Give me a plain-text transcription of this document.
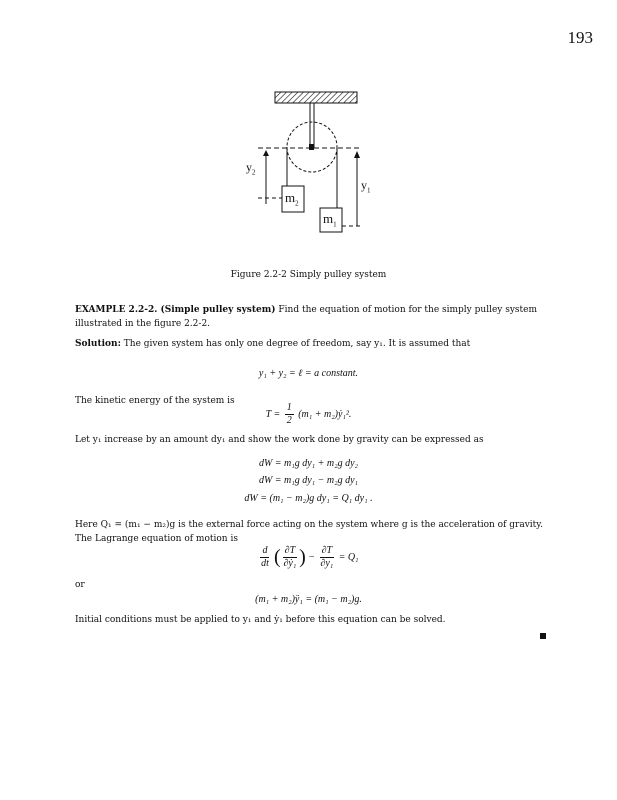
193
$y_2$
$y_1$
$m_2$
$m_1$
Figure 2.2-2 Simply pulley system
EXAMPLE 2.2-2. (Simple pulley system) Find the equation of motion for the simply pulley system illustrated in the figure 2.2-2.
Solution: The given system has only one degree of freedom, say y₁. It is assumed that
y₁ + y₂ = ℓ = a constant.
The kinetic energy of the system is
$T = \frac{1}{2} (m_1$ + m₂)ẏ₁².
Let y₁ increase by an amount dy₁ and show the work done by gravity can be expressed as
dW = m₁g dy₁ + m₂g dy₂
dW = m₁g dy₁ − m₂g dy₁
dW = (m₁ − m₂)g dy₁ = Q₁ dy₁ .
Here Q₁ = (m₁ − m₂)g is the external force acting on the system where g is the acceleration of gravity. The Lagrange equation of motion is
$\frac{d}{dt}$ ( $\frac{\partial T}{\text{∂ẏ₁}}$ ) − $\frac{\partial T}{\text{∂y₁}} = Q_1$
or
(m₁ + m₂)ÿ₁ = (m₁ − m₂)g.
Initial conditions must be applied to y₁ and ẏ₁ before this equation can be solved.
